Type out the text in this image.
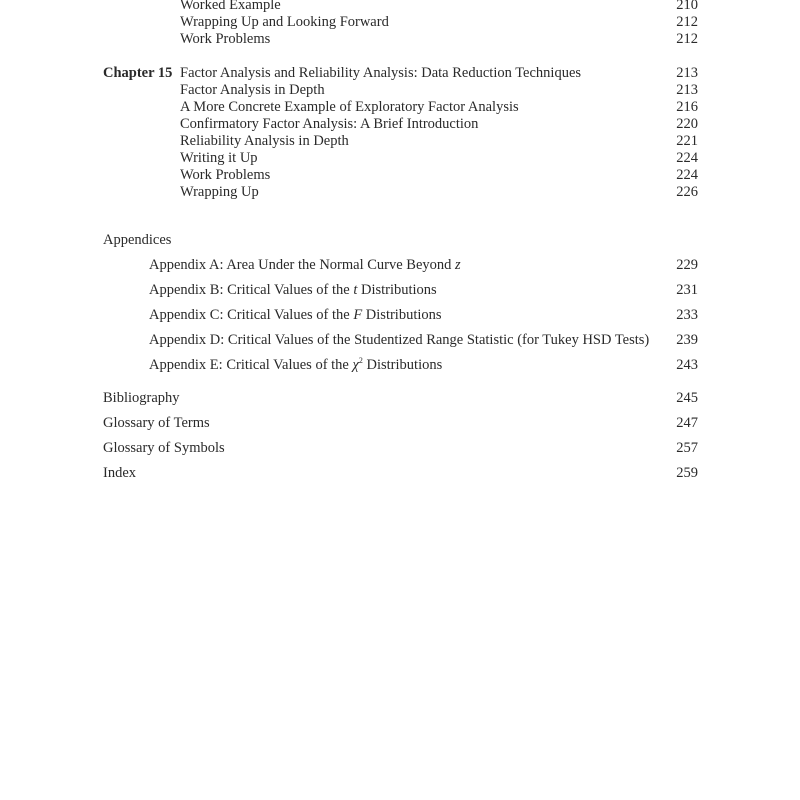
Worked Example	210
Wrapping Up and Looking Forward	212
Work Problems	212
Chapter 15 Factor Analysis and Reliability Analysis: Data Reduction Techniques	213
Factor Analysis in Depth	213
A More Concrete Example of Exploratory Factor Analysis	216
Confirmatory Factor Analysis: A Brief Introduction	220
Reliability Analysis in Depth	221
Writing it Up	224
Work Problems	224
Wrapping Up	226
Appendices
Appendix A: Area Under the Normal Curve Beyond z	229
Appendix B: Critical Values of the t Distributions	231
Appendix C: Critical Values of the F Distributions	233
Appendix D: Critical Values of the Studentized Range Statistic (for Tukey HSD Tests) 239
Appendix E: Critical Values of the $\chi^2$ Distributions	243
Bibliography	245
Glossary of Terms	247
Glossary of Symbols	257
Index	259
